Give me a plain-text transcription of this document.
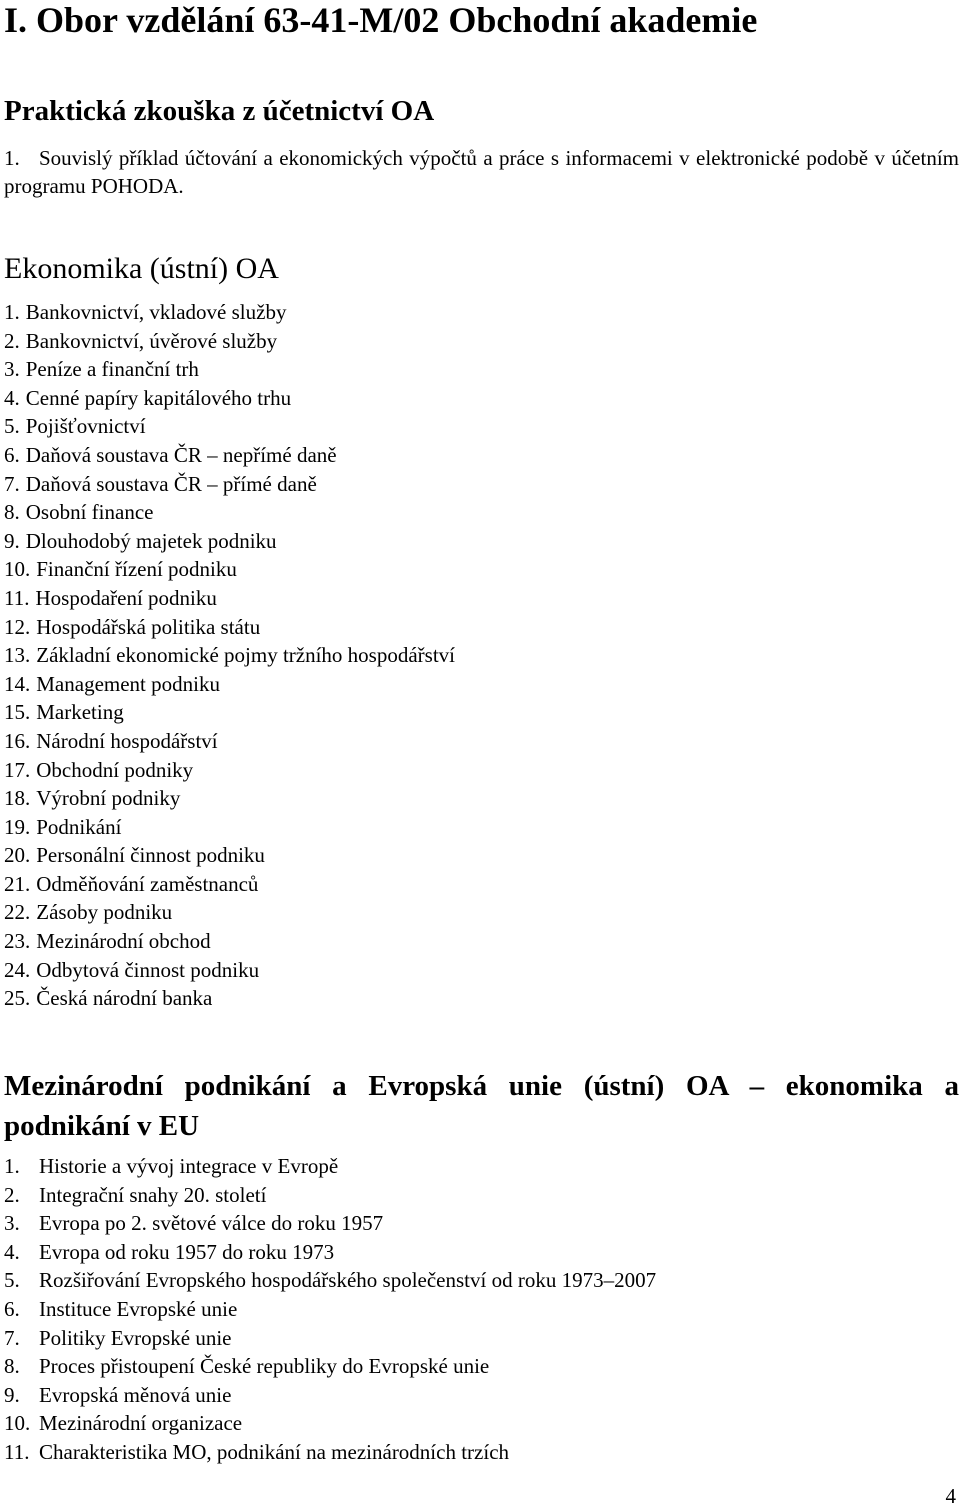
I. Obor vzdělání 63-41-M/02 Obchodní akademie
Praktická zkouška z účetnictví OA
1. Souvislý příklad účtování a ekonomických výpočtů a práce s informacemi v elektronické podobě v účetním programu POHODA.
Ekonomika (ústní) OA
1. Bankovnictví, vkladové služby
2. Bankovnictví, úvěrové služby
3. Peníze a finanční trh
4. Cenné papíry kapitálového trhu
5. Pojišťovnictví
6. Daňová soustava ČR – nepřímé daně
7. Daňová soustava ČR – přímé daně
8. Osobní finance
9. Dlouhodobý majetek podniku
10. Finanční řízení podniku
11. Hospodaření podniku
12. Hospodářská politika státu
13. Základní ekonomické pojmy tržního hospodářství
14. Management podniku
15. Marketing
16. Národní hospodářství
17. Obchodní podniky
18. Výrobní podniky
19. Podnikání
20. Personální činnost podniku
21. Odměňování zaměstnanců
22. Zásoby podniku
23. Mezinárodní obchod
24. Odbytová činnost podniku
25. Česká národní banka
Mezinárodní podnikání a Evropská unie (ústní) OA – ekonomika a podnikání v EU
1. Historie a vývoj integrace v Evropě
2. Integrační snahy 20. století
3. Evropa po 2. světové válce do roku 1957
4. Evropa od roku 1957 do roku 1973
5. Rozšiřování Evropského hospodářského společenství od roku 1973–2007
6. Instituce Evropské unie
7. Politiky Evropské unie
8. Proces přistoupení České republiky do Evropské unie
9. Evropská měnová unie
10. Mezinárodní organizace
11. Charakteristika MO, podnikání na mezinárodních trzích
4
